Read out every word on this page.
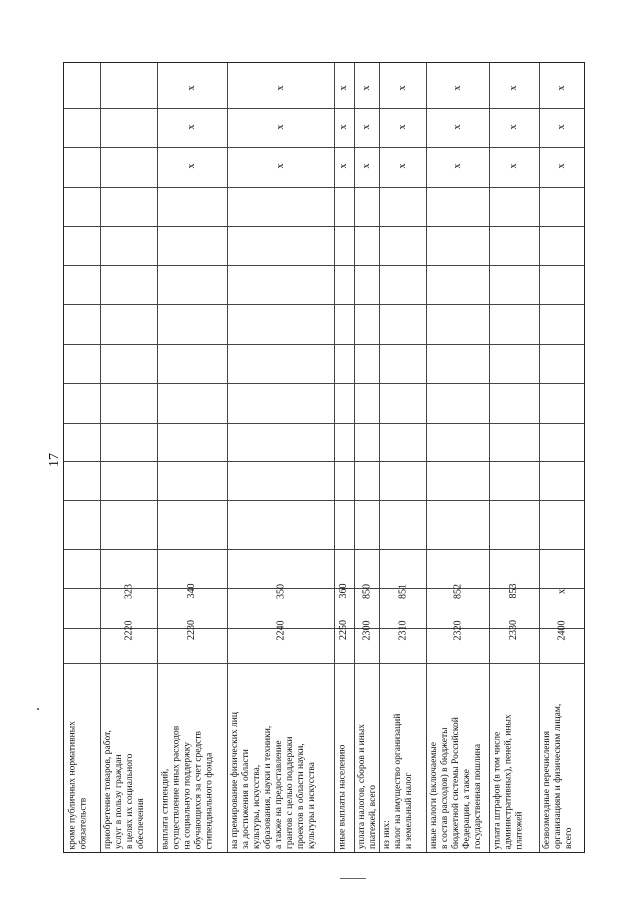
17
кроме публичных нормативных
обязательств	приобретение товаров, работ,
услуг в пользу граждан
в целях их социального
обеспечения
2220
323
выплата стипендий,
осуществление иных расходов
на социальную поддержку
обучающихся за счет средств
стипендиального фонда
2230
340
x
x
x
на премирование физических лиц
за достижения в области
культуры, искусства,
образования, науки и техники,
а также на предоставление
грантов с целью поддержки
проектов в области науки,
культуры и искусства
2240
350
x
x
x
иные выплаты населению
2250
360
x
x
x
уплата налогов, сборов и иных
платежей, всего
2300
850
x
x
x
из них:
налог на имущество организаций
и земельный налог
2310
851
x
x
x
иные налоги (включаемые
в состав расходов) в бюджеты
бюджетной системы Российской
Федерации, а также
государственная пошлина
2320
852
x
x
x
уплата штрафов (в том числе
административных), пеней, иных
платежей
2330
853
x
x
x
безвозмездные перечисления
организациям и физическим лицам,
всего
2400
x
x
x
x
